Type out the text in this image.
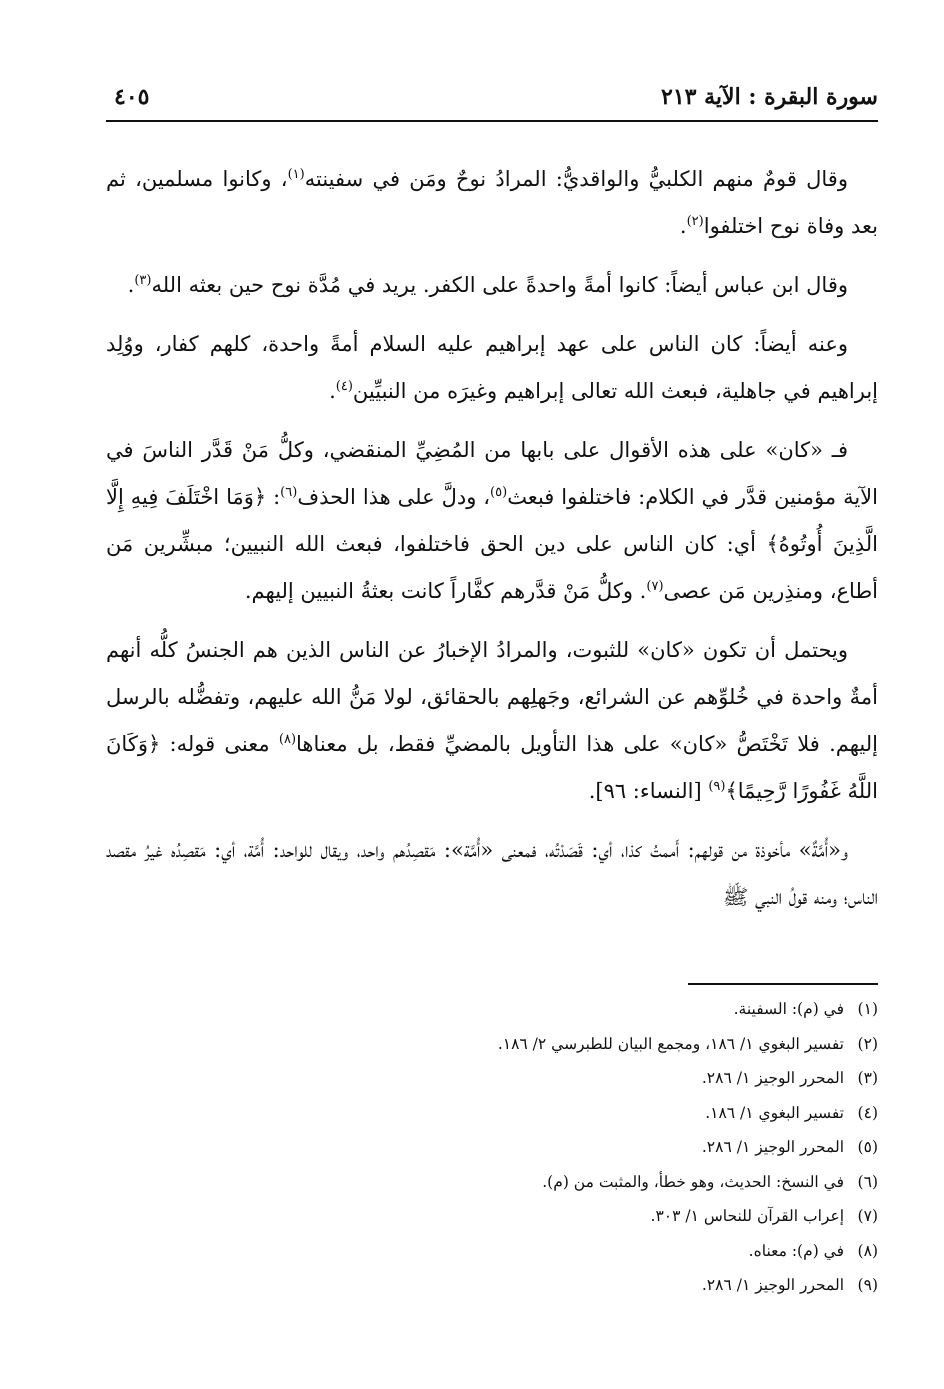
سورة البقرة : الآية ٢١٣
٤٠٥

وقال قومٌ منهم الكلبيُّ والواقديُّ: المرادُ نوحٌ ومَن في سفينته$^{(١)}$، وكانوا مسلمين، ثم بعد وفاة نوح اختلفوا$^{(٢)}$.

وقال ابن عباس أيضاً: كانوا أمةً واحدةً على الكفر. يريد في مُدَّة نوح حين بعثه الله$^{(٣)}$.

وعنه أيضاً: كان الناس على عهد إبراهيم عليه السلام أمةً واحدة، كلهم كفار، ووُلِد إبراهيم في جاهلية، فبعث الله تعالى إبراهيم وغيرَه من النبيِّين$^{(٤)}$.

فـ «كان» على هذه الأقوال على بابها من المُضِيِّ المنقضي، وكلُّ مَنْ قَدَّر الناسَ في الآية مؤمنين قدَّر في الكلام: فاختلفوا فبعث$^{(٥)}$، ودلَّ على هذا الحذف$^{(٦)}$: ﴿وَمَا اخْتَلَفَ فِيهِ إِلَّا الَّذِينَ أُوتُوهُ﴾ أي: كان الناس على دين الحق فاختلفوا، فبعث الله النبيين؛ مبشِّرين مَن أطاع، ومنذِرين مَن عصى$^{(٧)}$. وكلُّ مَنْ قدَّرهم كفَّاراً كانت بعثةُ النبيين إليهم.

ويحتمل أن تكون «كان» للثبوت، والمرادُ الإخبارُ عن الناس الذين هم الجنسُ كلُّه أنهم أمةٌ واحدة في خُلوِّهم عن الشرائع، وجَهلِهم بالحقائق، لولا مَنُّ الله عليهم، وتفضُّله بالرسل إليهم. فلا تَخْتَصُّ «كان» على هذا التأويل بالمضيِّ فقط، بل معناها$^{(٨)}$ معنى قوله: ﴿وَكَانَ اللَّهُ غَفُورًا رَّحِيمًا﴾$^{(٩)}$ [النساء: ٩٦].

و«أُمَّةٌ» مأخوذة من قولهم: أَممتُ كذا، أي: قَصَدْتُه، فمعنى «أُمَّة»: مَقصِدُهم واحد، ويقال للواحد: أُمَّة، أي: مَقصِدُه غيرُ مقصد الناس؛ ومنه قولُ النبي ﷺ

(١)في (م): السفينة.
(٢)تفسير البغوي ١/ ١٨٦، ومجمع البيان للطبرسي ٢/ ١٨٦.
(٣)المحرر الوجيز ١/ ٢٨٦.
(٤)تفسير البغوي ١/ ١٨٦.
(٥)المحرر الوجيز ١/ ٢٨٦.
(٦)في النسخ: الحديث، وهو خطأ، والمثبت من (م).
(٧)إعراب القرآن للنحاس ١/ ٣٠٣.
(٨)في (م): معناه.
(٩)المحرر الوجيز ١/ ٢٨٦.
